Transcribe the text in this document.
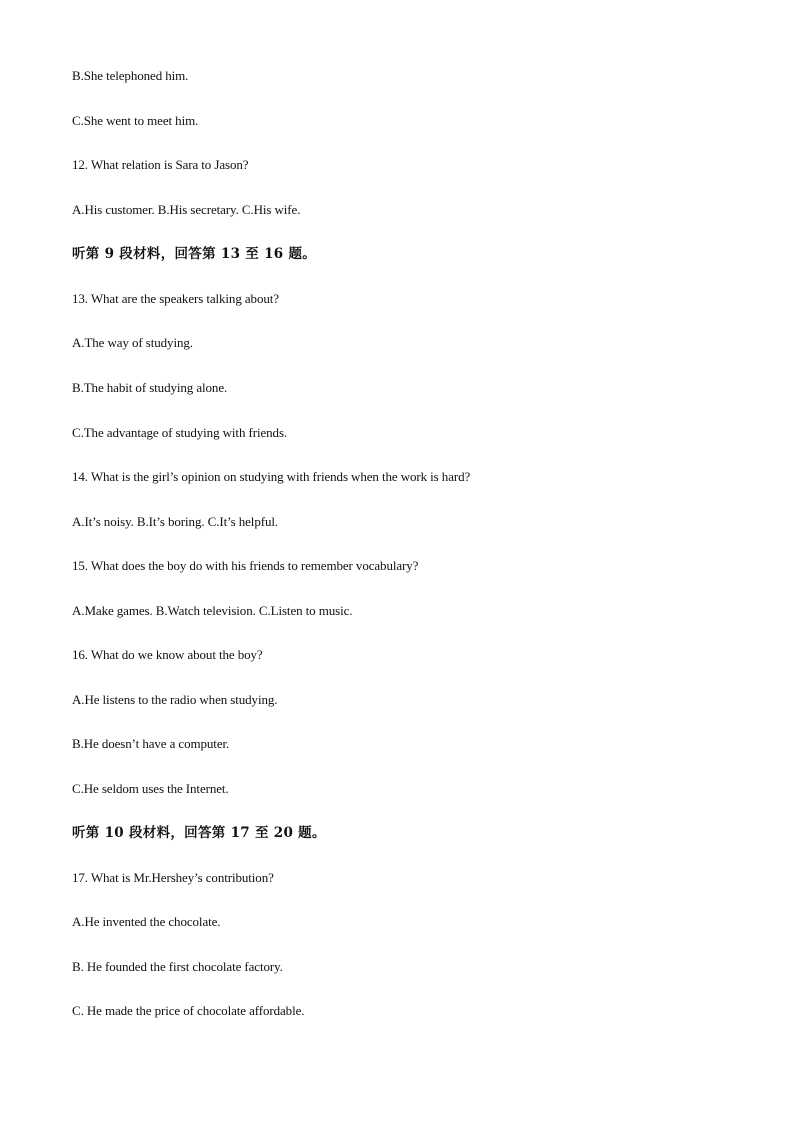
B.She telephoned him.

C.She went to meet him.

12. What relation is Sara to Jason?

A.His customer. B.His secretary. C.His wife.

听第 9 段材料，回答第 13 至 16 题。

13. What are the speakers talking about?

A.The way of studying.

B.The habit of studying alone.

C.The advantage of studying with friends.

14. What is the girl’s opinion on studying with friends when the work is hard?

A.It’s noisy. B.It’s boring. C.It’s helpful.

15. What does the boy do with his friends to remember vocabulary?

A.Make games. B.Watch television. C.Listen to music.

16. What do we know about the boy?

A.He listens to the radio when studying.

B.He doesn’t have a computer.

C.He seldom uses the Internet.

听第 10 段材料，回答第 17 至 20 题。

17. What is Mr.Hershey’s contribution?

A.He invented the chocolate.

B. He founded the first chocolate factory.

C. He made the price of chocolate affordable.
